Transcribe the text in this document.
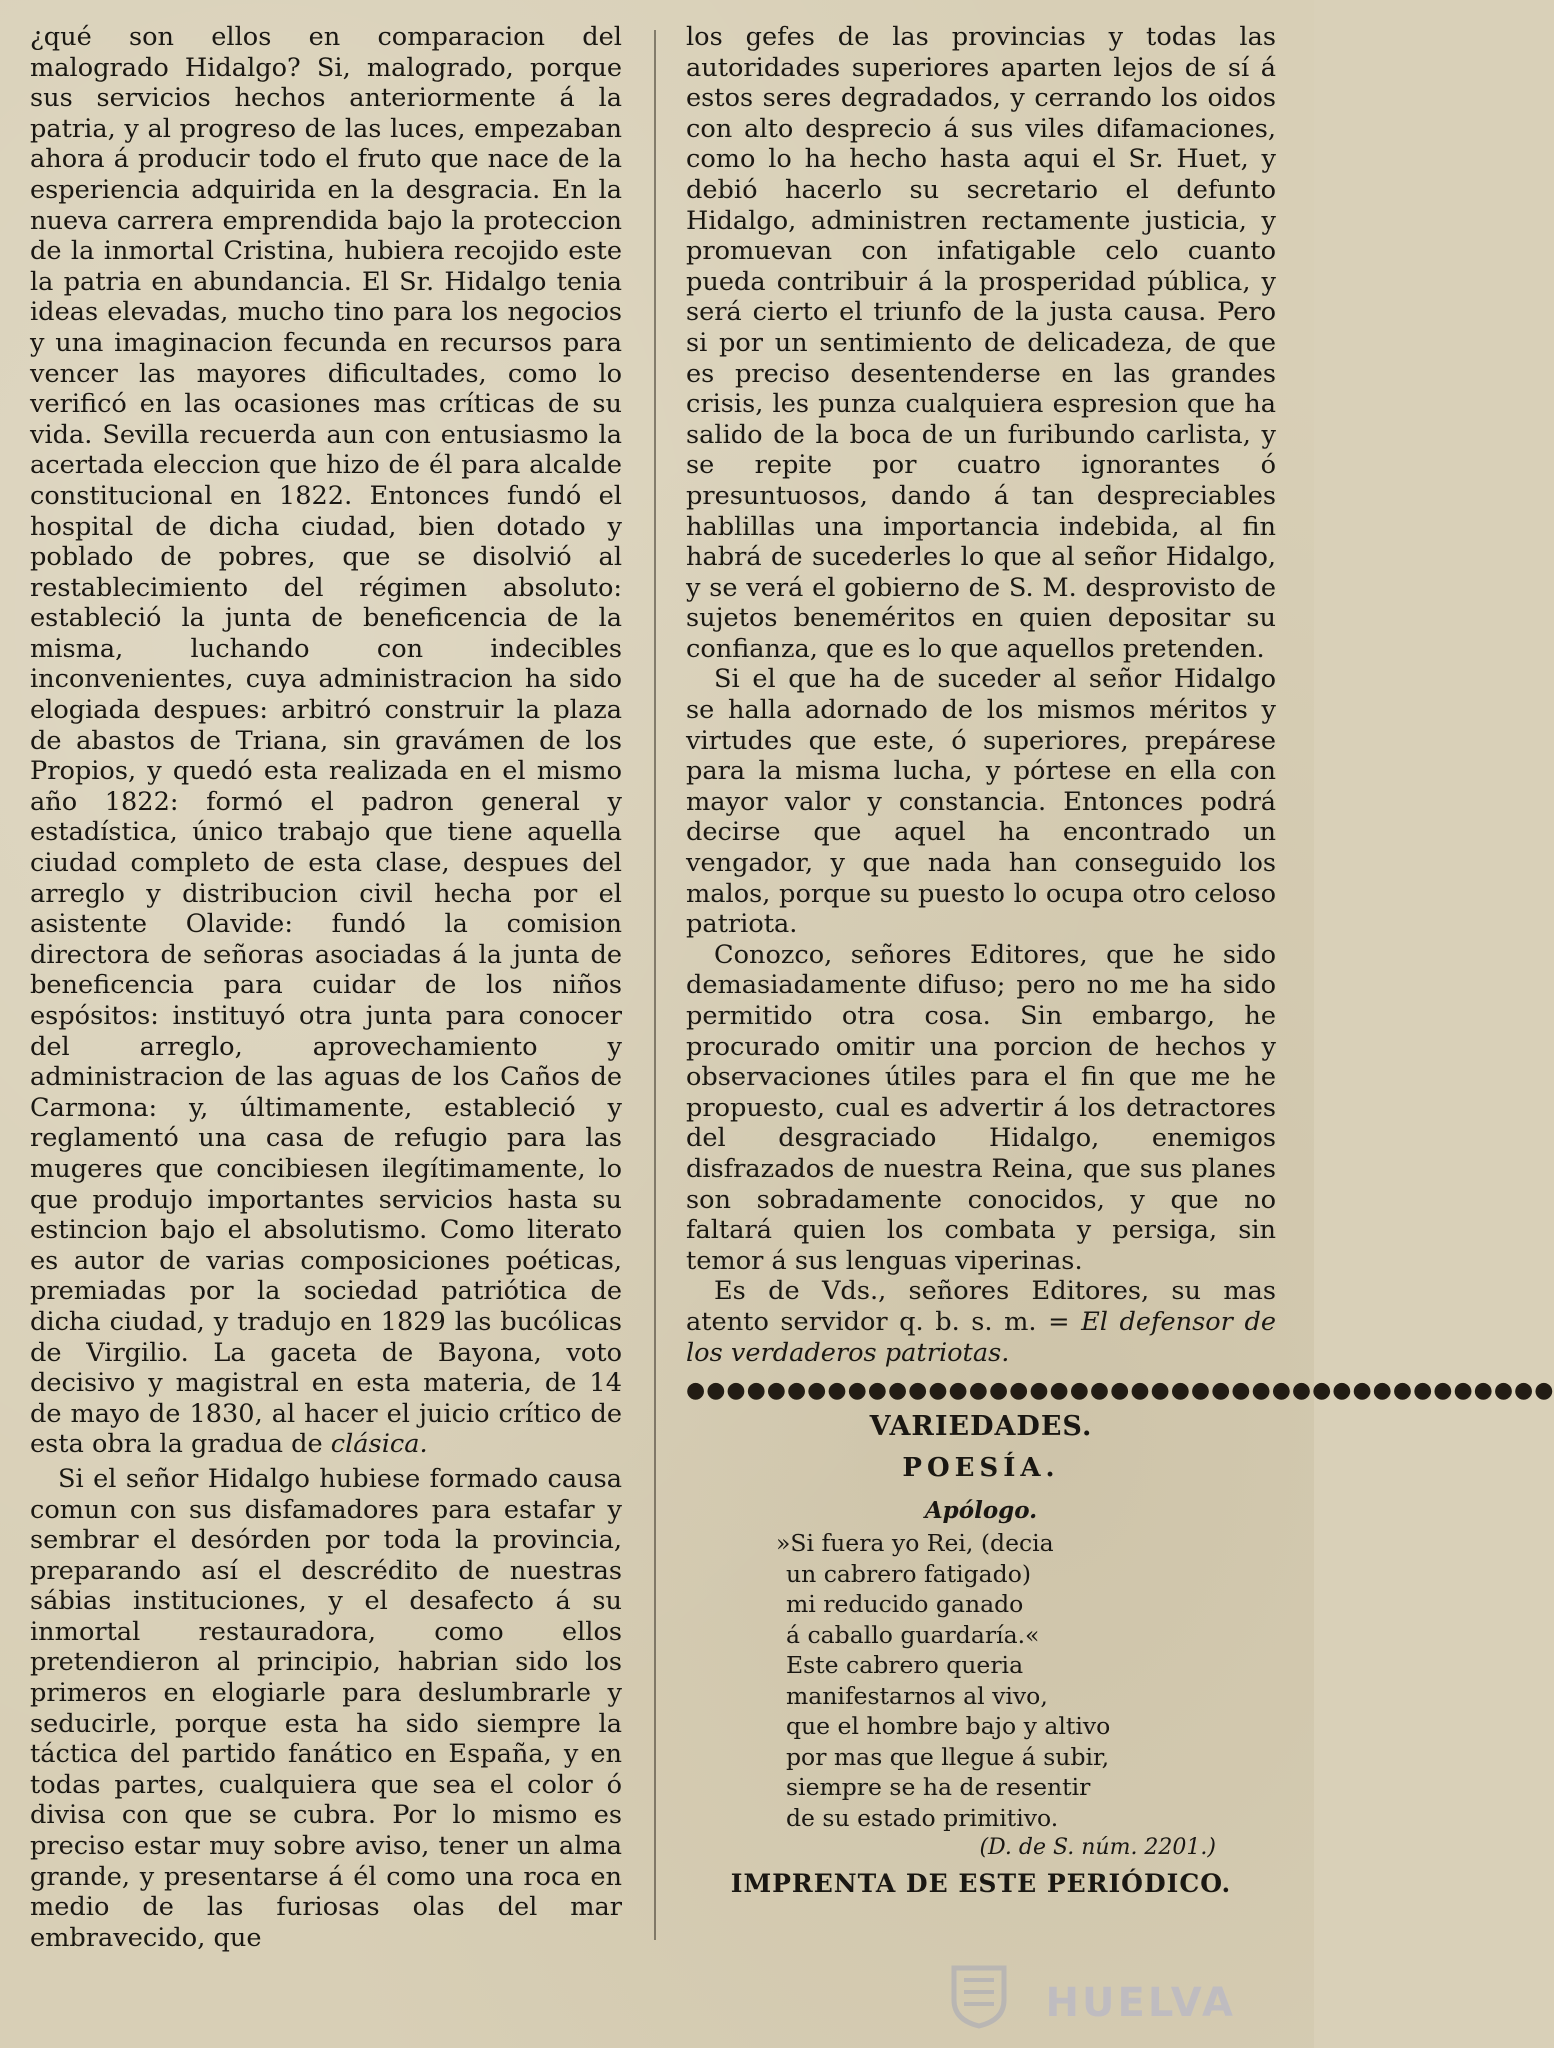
¿qué son ellos en comparacion del malogrado Hidalgo? Si, malogrado, porque sus servicios hechos anteriormente á la patria, y al progreso de las luces, empezaban ahora á producir todo el fruto que nace de la esperiencia adquirida en la desgracia. En la nueva carrera emprendida bajo la proteccion de la inmortal Cristina, hubiera recojido este la patria en abundancia. El Sr. Hidalgo tenia ideas elevadas, mucho tino para los negocios y una imaginacion fecunda en recursos para vencer las mayores dificultades, como lo verificó en las ocasiones mas críticas de su vida. Sevilla recuerda aun con entusiasmo la acertada eleccion que hizo de él para alcalde constitucional en 1822. Entonces fundó el hospital de dicha ciudad, bien dotado y poblado de pobres, que se disolvió al restablecimiento del régimen absoluto: estableció la junta de beneficencia de la misma, luchando con indecibles inconvenientes, cuya administracion ha sido elogiada despues: arbitró construir la plaza de abastos de Triana, sin gravámen de los Propios, y quedó esta realizada en el mismo año 1822: formó el padron general y estadística, único trabajo que tiene aquella ciudad completo de esta clase, despues del arreglo y distribucion civil hecha por el asistente Olavide: fundó la comision directora de señoras asociadas á la junta de beneficencia para cuidar de los niños espósitos: instituyó otra junta para conocer del arreglo, aprovechamiento y administracion de las aguas de los Caños de Carmona: y, últimamente, estableció y reglamentó una casa de refugio para las mugeres que concibiesen ilegítimamente, lo que produjo importantes servicios hasta su estincion bajo el absolutismo. Como literato es autor de varias composiciones poéticas, premiadas por la sociedad patriótica de dicha ciudad, y tradujo en 1829 las bucólicas de Virgilio. La gaceta de Bayona, voto decisivo y magistral en esta materia, de 14 de mayo de 1830, al hacer el juicio crítico de esta obra la gradua de clásica.

Si el señor Hidalgo hubiese formado causa comun con sus disfamadores para estafar y sembrar el desórden por toda la provincia, preparando así el descrédito de nuestras sábias instituciones, y el desafecto á su inmortal restauradora, como ellos pretendieron al principio, habrian sido los primeros en elogiarle para deslumbrarle y seducirle, porque esta ha sido siempre la táctica del partido fanático en España, y en todas partes, cualquiera que sea el color ó divisa con que se cubra. Por lo mismo es preciso estar muy sobre aviso, tener un alma grande, y presentarse á él como una roca en medio de las furiosas olas del mar embravecido, que

los gefes de las provincias y todas las autoridades superiores aparten lejos de sí á estos seres degradados, y cerrando los oidos con alto desprecio á sus viles difamaciones, como lo ha hecho hasta aqui el Sr. Huet, y debió hacerlo su secretario el defunto Hidalgo, administren rectamente justicia, y promuevan con infatigable celo cuanto pueda contribuir á la prosperidad pública, y será cierto el triunfo de la justa causa. Pero si por un sentimiento de delicadeza, de que es preciso desentenderse en las grandes crisis, les punza cualquiera espresion que ha salido de la boca de un furibundo carlista, y se repite por cuatro ignorantes ó presuntuosos, dando á tan despreciables hablillas una importancia indebida, al fin habrá de sucederles lo que al señor Hidalgo, y se verá el gobierno de S. M. desprovisto de sujetos beneméritos en quien depositar su confianza, que es lo que aquellos pretenden.

Si el que ha de suceder al señor Hidalgo se halla adornado de los mismos méritos y virtudes que este, ó superiores, prepárese para la misma lucha, y pórtese en ella con mayor valor y constancia. Entonces podrá decirse que aquel ha encontrado un vengador, y que nada han conseguido los malos, porque su puesto lo ocupa otro celoso patriota.

Conozco, señores Editores, que he sido demasiadamente difuso; pero no me ha sido permitido otra cosa. Sin embargo, he procurado omitir una porcion de hechos y observaciones útiles para el fin que me he propuesto, cual es advertir á los detractores del desgraciado Hidalgo, enemigos disfrazados de nuestra Reina, que sus planes son sobradamente conocidos, y que no faltará quien los combata y persiga, sin temor á sus lenguas viperinas.

Es de Vds., señores Editores, su mas atento servidor q. b. s. m. = El defensor de los verdaderos patriotas.

●●●●●●●●●●●●●●●●●●●●●●●●●●●●●●●●●●●●●●●●●●●
VARIEDADES.
POESÍA.
Apólogo.
»Si fuera yo Rei, (decia
un cabrero fatigado)
mi reducido ganado
á caballo guardaría.«
Este cabrero queria
manifestarnos al vivo,
que el hombre bajo y altivo
por mas que llegue á subir,
siempre se ha de resentir
de su estado primitivo.
(D. de S. núm. 2201.)
IMPRENTA DE ESTE PERIÓDICO.
HUELVA
